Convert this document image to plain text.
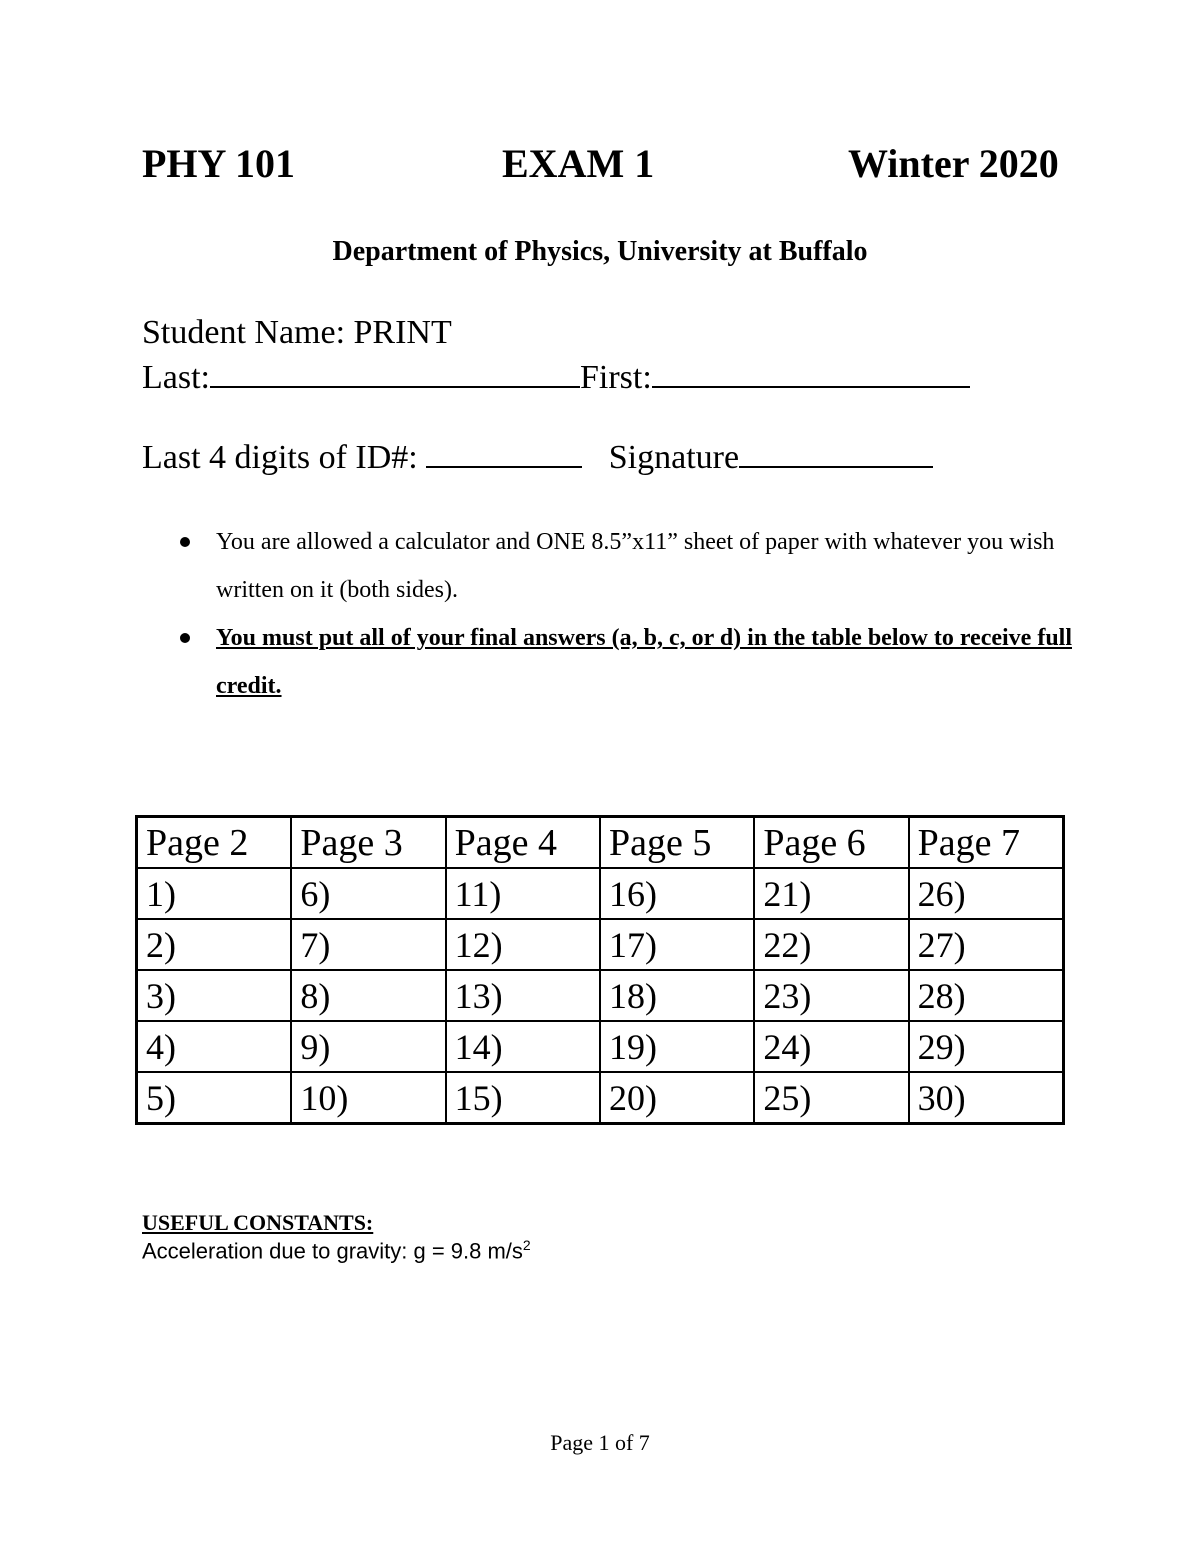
PHY 101	EXAM 1	Winter 2020
Department of Physics, University at Buffalo
Student Name: PRINT
Last:	First:
Last 4 digits of ID#:	Signature
You are allowed a calculator and ONE 8.5”x11” sheet of paper with whatever you wish written on it (both sides).
You must put all of your final answers (a, b, c, or d) in the table below to receive full credit.
Page 2	Page 3	Page 4	Page 5	Page 6	Page 7
1)	6)	11)	16)	21)	26)
2)	7)	12)	17)	22)	27)
3)	8)	13)	18)	23)	28)
4)	9)	14)	19)	24)	29)
5)	10)	15)	20)	25)	30)
USEFUL CONSTANTS:
Acceleration due to gravity: g = 9.8 $m/s^2$
Page 1 of 7
